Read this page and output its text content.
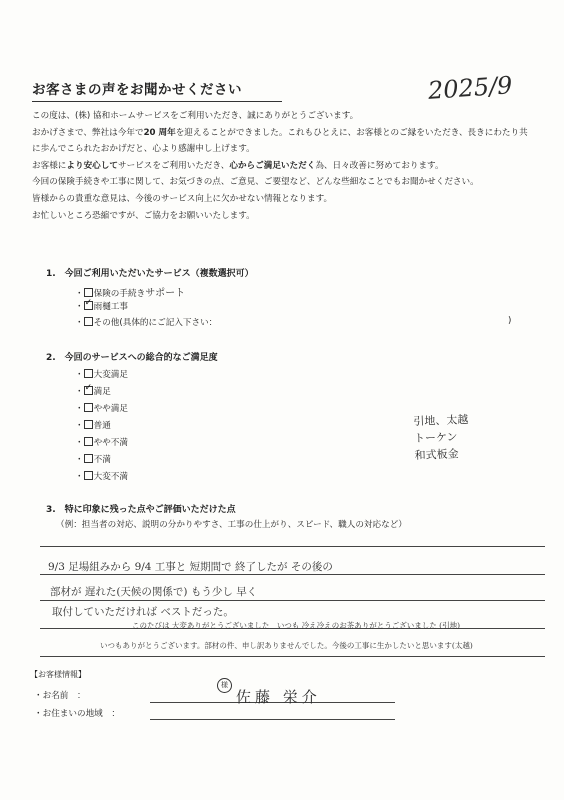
お客さまの声をお聞かせください	2025/9

この度は、(株) 協和ホームサービスをご利用いただき、誠にありがとうございます。

おかげさまで、弊社は今年で20 周年を迎えることができました。これもひとえに、お客様とのご縁をいただき、長きにわたり共に歩んでこられたおかげだと、心より感謝申し上げます。

お客様により安心してサービスをご利用いただき、心からご満足いただく為、日々改善に努めております。

今回の保険手続きや工事に関して、お気づきの点、ご意見、ご要望など、どんな些細なことでもお聞かせください。

皆様からの貴重な意見は、今後のサービス向上に欠かせない情報となります。

お忙しいところ恐縮ですが、ご協力をお願いいたします。

1.　今回ご利用いただいたサービス（複数選択可）
・ 保険の手続きサポート
・ ✓ 雨樋工事
・ その他(具体的にご記入下さい：	)
2.　今回のサービスへの総合的なご満足度
・ 大変満足
・ ✓ 満足
・ やや満足
・ 普通
・ やや不満
・ 不満
・ 大変不満
引地、太越
トーケン
和式板金
3.　特に印象に残った点やご評価いただけた点
（例：担当者の対応、説明の分かりやすさ、工事の仕上がり、スピード、職人の対応など）
9/3 足場組みから 9/4 工事と 短期間で 終了したが その後の
部材が 遅れた(天候の関係で) もう少し 早く
取付していただければ ベストだった。
このたびは 大変ありがとうございました　いつも 冷え冷えのお茶ありがとうございました (引地)
いつもありがとうございます。部材の件、申し訳ありませんでした。今後の工事に生かしたいと思います(太越)
【お客様情報】
・お名前　：
様
佐藤 栄介
・お住まいの地域　：
